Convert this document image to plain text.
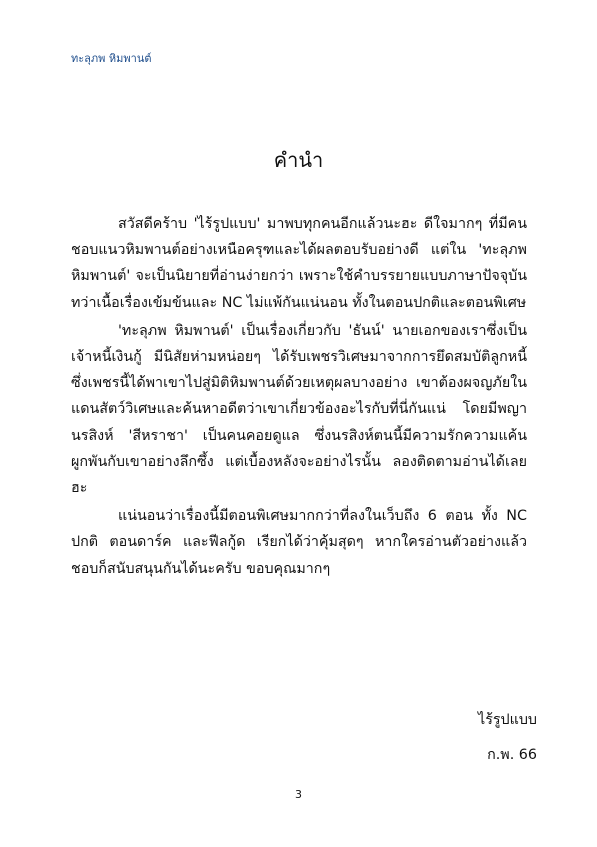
ทะลุภพ หิมพานต์
คำนำ

สวัสดีคร้าบ 'ไร้รูปแบบ' มาพบทุกคนอีกแล้วนะฮะ ดีใจมากๆ ที่มีคนชอบแนวหิมพานต์อย่างเหนือครุฑและได้ผลตอบรับอย่างดี แต่ใน 'ทะลุภพหิมพานต์' จะเป็นนิยายที่อ่านง่ายกว่า เพราะใช้คำบรรยายแบบภาษาปัจจุบัน ทว่าเนื้อเรื่องเข้มข้นและ NC ไม่แพ้กันแน่นอน ทั้งในตอนปกติและตอนพิเศษ

'ทะลุภพ หิมพานต์' เป็นเรื่องเกี่ยวกับ 'ธันน์' นายเอกของเราซึ่งเป็นเจ้าหนี้เงินกู้ มีนิสัยห่ามหน่อยๆ ได้รับเพชรวิเศษมาจากการยึดสมบัติลูกหนี้ ซึ่งเพชรนี้ได้พาเขาไปสู่มิติหิมพานต์ด้วยเหตุผลบางอย่าง เขาต้องผจญภัยในแดนสัตว์วิเศษและค้นหาอดีตว่าเขาเกี่ยวข้องอะไรกับที่นี่กันแน่ โดยมีพญานรสิงห์ 'สีหราชา' เป็นคนคอยดูแล ซึ่งนรสิงห์ตนนี้มีความรักความแค้นผูกพันกับเขาอย่างลึกซึ้ง แต่เบื้องหลังจะอย่างไรนั้น ลองติดตามอ่านได้เลยฮะ

แน่นอนว่าเรื่องนี้มีตอนพิเศษมากกว่าที่ลงในเว็บถึง 6 ตอน ทั้ง NC ปกติ ตอนดาร์ค และฟีลกู้ด เรียกได้ว่าคุ้มสุดๆ หากใครอ่านตัวอย่างแล้วชอบก็สนับสนุนกันได้นะครับ ขอบคุณมากๆ

ไร้รูปแบบ
ก.พ. 66
3
